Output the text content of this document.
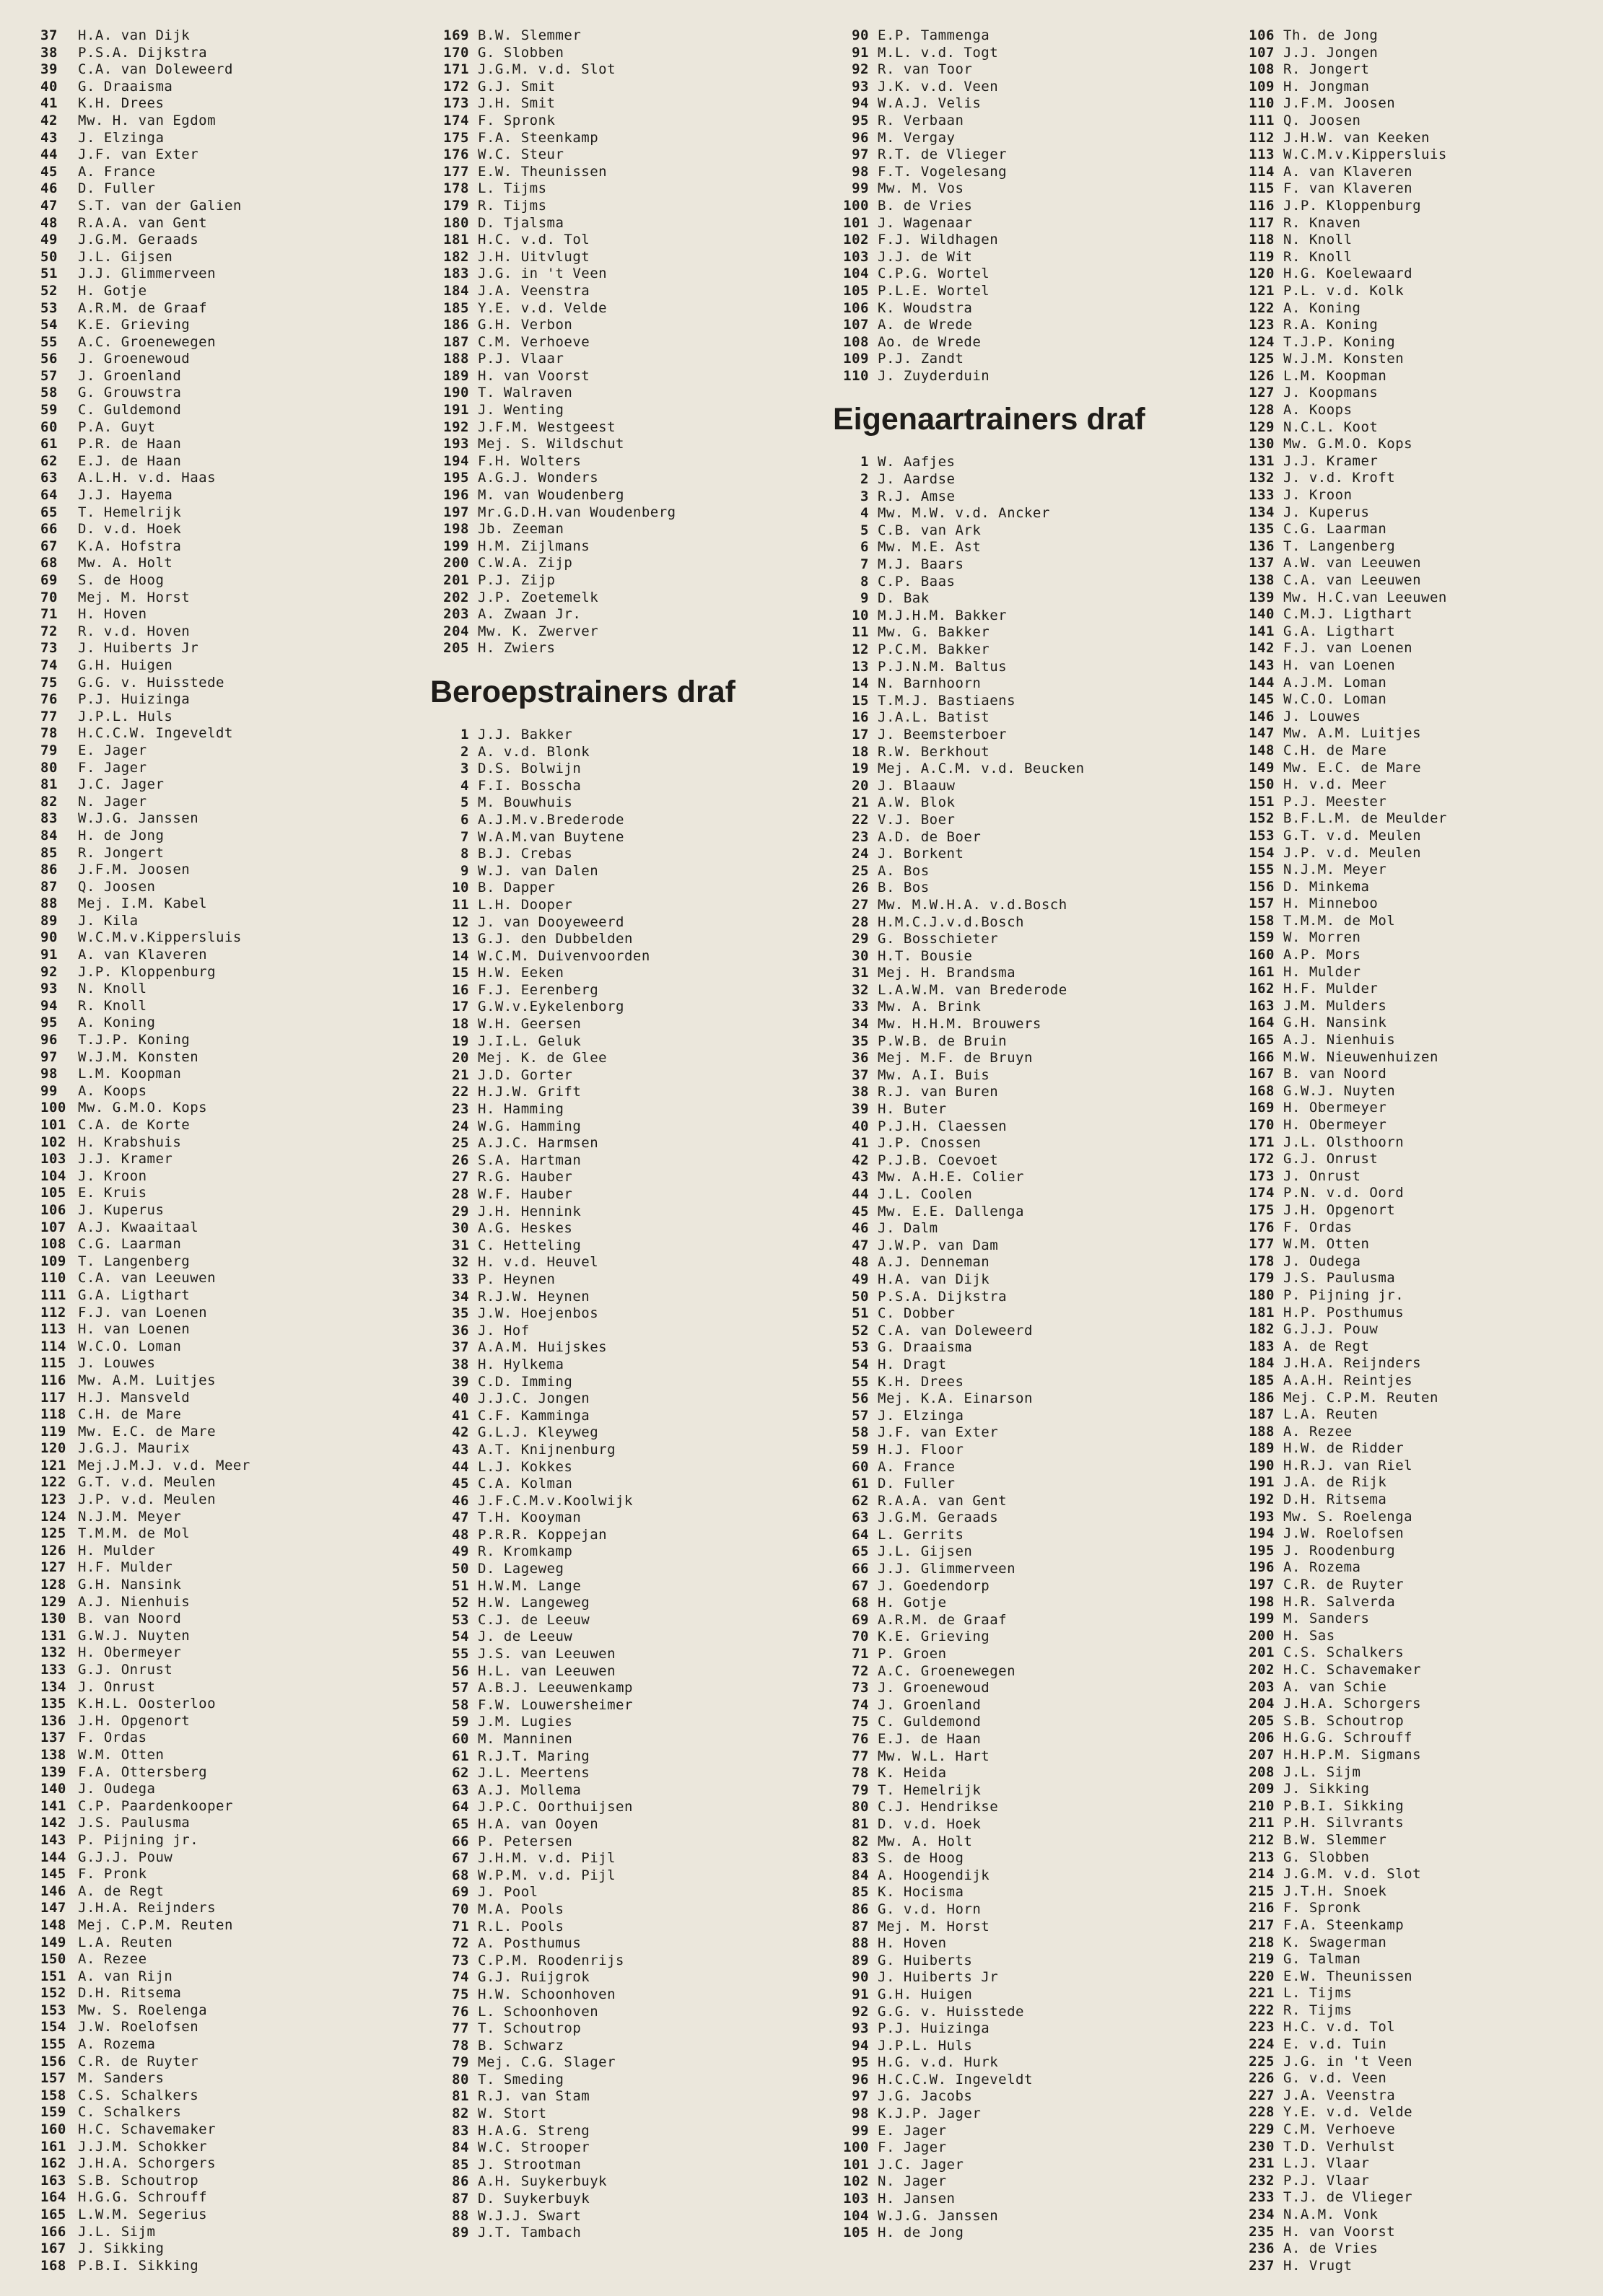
37 H.A. van Dijk
38 P.S.A. Dijkstra
39 C.A. van Doleweerd
40 G. Draaisma
41 K.H. Drees
42 Mw. H. van Egdom
43 J. Elzinga
44 J.F. van Exter
45 A. France
46 D. Fuller
47 S.T. van der Galien
48 R.A.A. van Gent
49 J.G.M. Geraads
50 J.L. Gijsen
51 J.J. Glimmerveen
52 H. Gotje
53 A.R.M. de Graaf
54 K.E. Grieving
55 A.C. Groenewegen
56 J. Groenewoud
57 J. Groenland
58 G. Grouwstra
59 C. Guldemond
60 P.A. Guyt
61 P.R. de Haan
62 E.J. de Haan
63 A.L.H. v.d. Haas
64 J.J. Hayema
65 T. Hemelrijk
66 D. v.d. Hoek
67 K.A. Hofstra
68 Mw. A. Holt
69 S. de Hoog
70 Mej. M. Horst
71 H. Hoven
72 R. v.d. Hoven
73 J. Huiberts Jr
74 G.H. Huigen
75 G.G. v. Huisstede
76 P.J. Huizinga
77 J.P.L. Huls
78 H.C.C.W. Ingeveldt
79 E. Jager
80 F. Jager
81 J.C. Jager
82 N. Jager
83 W.J.G. Janssen
84 H. de Jong
85 R. Jongert
86 J.F.M. Joosen
87 Q. Joosen
88 Mej. I.M. Kabel
89 J. Kila
90 W.C.M.v.Kippersluis
91 A. van Klaveren
92 J.P. Kloppenburg
93 N. Knoll
94 R. Knoll
95 A. Koning
96 T.J.P. Koning
97 W.J.M. Konsten
98 L.M. Koopman
99 A. Koops
100 Mw. G.M.O. Kops
101 C.A. de Korte
102 H. Krabshuis
103 J.J. Kramer
104 J. Kroon
105 E. Kruis
106 J. Kuperus
107 A.J. Kwaaitaal
108 C.G. Laarman
109 T. Langenberg
110 C.A. van Leeuwen
111 G.A. Ligthart
112 F.J. van Loenen
113 H. van Loenen
114 W.C.O. Loman
115 J. Louwes
116 Mw. A.M. Luitjes
117 H.J. Mansveld
118 C.H. de Mare
119 Mw. E.C. de Mare
120 J.G.J. Maurix
121 Mej.J.M.J. v.d. Meer
122 G.T. v.d. Meulen
123 J.P. v.d. Meulen
124 N.J.M. Meyer
125 T.M.M. de Mol
126 H. Mulder
127 H.F. Mulder
128 G.H. Nansink
129 A.J. Nienhuis
130 B. van Noord
131 G.W.J. Nuyten
132 H. Obermeyer
133 G.J. Onrust
134 J. Onrust
135 K.H.L. Oosterloo
136 J.H. Opgenort
137 F. Ordas
138 W.M. Otten
139 F.A. Ottersberg
140 J. Oudega
141 C.P. Paardenkooper
142 J.S. Paulusma
143 P. Pijning jr.
144 G.J.J. Pouw
145 F. Pronk
146 A. de Regt
147 J.H.A. Reijnders
148 Mej. C.P.M. Reuten
149 L.A. Reuten
150 A. Rezee
151 A. van Rijn
152 D.H. Ritsema
153 Mw. S. Roelenga
154 J.W. Roelofsen
155 A. Rozema
156 C.R. de Ruyter
157 M. Sanders
158 C.S. Schalkers
159 C. Schalkers
160 H.C. Schavemaker
161 J.J.M. Schokker
162 J.H.A. Schorgers
163 S.B. Schoutrop
164 H.G.G. Schrouff
165 L.W.M. Segerius
166 J.L. Sijm
167 J. Sikking
168 P.B.I. Sikking
169 B.W. Slemmer
170 G. Slobben
171 J.G.M. v.d. Slot
172 G.J. Smit
173 J.H. Smit
174 F. Spronk
175 F.A. Steenkamp
176 W.C. Steur
177 E.W. Theunissen
178 L. Tijms
179 R. Tijms
180 D. Tjalsma
181 H.C. v.d. Tol
182 J.H. Uitvlugt
183 J.G. in 't Veen
184 J.A. Veenstra
185 Y.E. v.d. Velde
186 G.H. Verbon
187 C.M. Verhoeve
188 P.J. Vlaar
189 H. van Voorst
190 T. Walraven
191 J. Wenting
192 J.F.M. Westgeest
193 Mej. S. Wildschut
194 F.H. Wolters
195 A.G.J. Wonders
196 M. van Woudenberg
197 Mr.G.D.H.van Woudenberg
198 Jb. Zeeman
199 H.M. Zijlmans
200 C.W.A. Zijp
201 P.J. Zijp
202 J.P. Zoetemelk
203 A. Zwaan Jr.
204 Mw. K. Zwerver
205 H. Zwiers
Beroepstrainers draf
1 J.J. Bakker
2 A. v.d. Blonk
3 D.S. Bolwijn
4 F.I. Bosscha
5 M. Bouwhuis
6 A.J.M.v.Brederode
7 W.A.M.van Buytene
8 B.J. Crebas
9 W.J. van Dalen
10 B. Dapper
11 L.H. Dooper
12 J. van Dooyeweerd
13 G.J. den Dubbelden
14 W.C.M. Duivenvoorden
15 H.W. Eeken
16 F.J. Eerenberg
17 G.W.v.Eykelenborg
18 W.H. Geersen
19 J.I.L. Geluk
20 Mej. K. de Glee
21 J.D. Gorter
22 H.J.W. Grift
23 H. Hamming
24 W.G. Hamming
25 A.J.C. Harmsen
26 S.A. Hartman
27 R.G. Hauber
28 W.F. Hauber
29 J.H. Hennink
30 A.G. Heskes
31 C. Hetteling
32 H. v.d. Heuvel
33 P. Heynen
34 R.J.W. Heynen
35 J.W. Hoejenbos
36 J. Hof
37 A.A.M. Huijskes
38 H. Hylkema
39 C.D. Imming
40 J.J.C. Jongen
41 C.F. Kamminga
42 G.L.J. Kleyweg
43 A.T. Knijnenburg
44 L.J. Kokkes
45 C.A. Kolman
46 J.F.C.M.v.Koolwijk
47 T.H. Kooyman
48 P.R.R. Koppejan
49 R. Kromkamp
50 D. Lageweg
51 H.W.M. Lange
52 H.W. Langeweg
53 C.J. de Leeuw
54 J. de Leeuw
55 J.S. van Leeuwen
56 H.L. van Leeuwen
57 A.B.J. Leeuwenkamp
58 F.W. Louwersheimer
59 J.M. Lugies
60 M. Manninen
61 R.J.T. Maring
62 J.L. Meertens
63 A.J. Mollema
64 J.P.C. Oorthuijsen
65 H.A. van Ooyen
66 P. Petersen
67 J.H.M. v.d. Pijl
68 W.P.M. v.d. Pijl
69 J. Pool
70 M.A. Pools
71 R.L. Pools
72 A. Posthumus
73 C.P.M. Roodenrijs
74 G.J. Ruijgrok
75 H.W. Schoonhoven
76 L. Schoonhoven
77 T. Schoutrop
78 B. Schwarz
79 Mej. C.G. Slager
80 T. Smeding
81 R.J. van Stam
82 W. Stort
83 H.A.G. Streng
84 W.C. Strooper
85 J. Strootman
86 A.H. Suykerbuyk
87 D. Suykerbuyk
88 W.J.J. Swart
89 J.T. Tambach
90 E.P. Tammenga
91 M.L. v.d. Togt
92 R. van Toor
93 J.K. v.d. Veen
94 W.A.J. Velis
95 R. Verbaan
96 M. Vergay
97 R.T. de Vlieger
98 F.T. Vogelesang
99 Mw. M. Vos
100 B. de Vries
101 J. Wagenaar
102 F.J. Wildhagen
103 J.J. de Wit
104 C.P.G. Wortel
105 P.L.E. Wortel
106 K. Woudstra
107 A. de Wrede
108 Ao. de Wrede
109 P.J. Zandt
110 J. Zuyderduin
Eigenaartrainers draf
1 W. Aafjes
2 J. Aardse
3 R.J. Amse
4 Mw. M.W. v.d. Ancker
5 C.B. van Ark
6 Mw. M.E. Ast
7 M.J. Baars
8 C.P. Baas
9 D. Bak
10 M.J.H.M. Bakker
11 Mw. G. Bakker
12 P.C.M. Bakker
13 P.J.N.M. Baltus
14 N. Barnhoorn
15 T.M.J. Bastiaens
16 J.A.L. Batist
17 J. Beemsterboer
18 R.W. Berkhout
19 Mej. A.C.M. v.d. Beucken
20 J. Blaauw
21 A.W. Blok
22 V.J. Boer
23 A.D. de Boer
24 J. Borkent
25 A. Bos
26 B. Bos
27 Mw. M.W.H.A. v.d.Bosch
28 H.M.C.J.v.d.Bosch
29 G. Bosschieter
30 H.T. Bousie
31 Mej. H. Brandsma
32 L.A.W.M. van Brederode
33 Mw. A. Brink
34 Mw. H.H.M. Brouwers
35 P.W.B. de Bruin
36 Mej. M.F. de Bruyn
37 Mw. A.I. Buis
38 R.J. van Buren
39 H. Buter
40 P.J.H. Claessen
41 J.P. Cnossen
42 P.J.B. Coevoet
43 Mw. A.H.E. Colier
44 J.L. Coolen
45 Mw. E.E. Dallenga
46 J. Dalm
47 J.W.P. van Dam
48 A.J. Denneman
49 H.A. van Dijk
50 P.S.A. Dijkstra
51 C. Dobber
52 C.A. van Doleweerd
53 G. Draaisma
54 H. Dragt
55 K.H. Drees
56 Mej. K.A. Einarson
57 J. Elzinga
58 J.F. van Exter
59 H.J. Floor
60 A. France
61 D. Fuller
62 R.A.A. van Gent
63 J.G.M. Geraads
64 L. Gerrits
65 J.L. Gijsen
66 J.J. Glimmerveen
67 J. Goedendorp
68 H. Gotje
69 A.R.M. de Graaf
70 K.E. Grieving
71 P. Groen
72 A.C. Groenewegen
73 J. Groenewoud
74 J. Groenland
75 C. Guldemond
76 E.J. de Haan
77 Mw. W.L. Hart
78 K. Heida
79 T. Hemelrijk
80 C.J. Hendrikse
81 D. v.d. Hoek
82 Mw. A. Holt
83 S. de Hoog
84 A. Hoogendijk
85 K. Hocisma
86 G. v.d. Horn
87 Mej. M. Horst
88 H. Hoven
89 G. Huiberts
90 J. Huiberts Jr
91 G.H. Huigen
92 G.G. v. Huisstede
93 P.J. Huizinga
94 J.P.L. Huls
95 H.G. v.d. Hurk
96 H.C.C.W. Ingeveldt
97 J.G. Jacobs
98 K.J.P. Jager
99 E. Jager
100 F. Jager
101 J.C. Jager
102 N. Jager
103 H. Jansen
104 W.J.G. Janssen
105 H. de Jong
106 Th. de Jong
107 J.J. Jongen
108 R. Jongert
109 H. Jongman
110 J.F.M. Joosen
111 Q. Joosen
112 J.H.W. van Keeken
113 W.C.M.v.Kippersluis
114 A. van Klaveren
115 F. van Klaveren
116 J.P. Kloppenburg
117 R. Knaven
118 N. Knoll
119 R. Knoll
120 H.G. Koelewaard
121 P.L. v.d. Kolk
122 A. Koning
123 R.A. Koning
124 T.J.P. Koning
125 W.J.M. Konsten
126 L.M. Koopman
127 J. Koopmans
128 A. Koops
129 N.C.L. Koot
130 Mw. G.M.O. Kops
131 J.J. Kramer
132 J. v.d. Kroft
133 J. Kroon
134 J. Kuperus
135 C.G. Laarman
136 T. Langenberg
137 A.W. van Leeuwen
138 C.A. van Leeuwen
139 Mw. H.C.van Leeuwen
140 C.M.J. Ligthart
141 G.A. Ligthart
142 F.J. van Loenen
143 H. van Loenen
144 A.J.M. Loman
145 W.C.O. Loman
146 J. Louwes
147 Mw. A.M. Luitjes
148 C.H. de Mare
149 Mw. E.C. de Mare
150 H. v.d. Meer
151 P.J. Meester
152 B.F.L.M. de Meulder
153 G.T. v.d. Meulen
154 J.P. v.d. Meulen
155 N.J.M. Meyer
156 D. Minkema
157 H. Minneboo
158 T.M.M. de Mol
159 W. Morren
160 A.P. Mors
161 H. Mulder
162 H.F. Mulder
163 J.M. Mulders
164 G.H. Nansink
165 A.J. Nienhuis
166 M.W. Nieuwenhuizen
167 B. van Noord
168 G.W.J. Nuyten
169 H. Obermeyer
170 H. Obermeyer
171 J.L. Olsthoorn
172 G.J. Onrust
173 J. Onrust
174 P.N. v.d. Oord
175 J.H. Opgenort
176 F. Ordas
177 W.M. Otten
178 J. Oudega
179 J.S. Paulusma
180 P. Pijning jr.
181 H.P. Posthumus
182 G.J.J. Pouw
183 A. de Regt
184 J.H.A. Reijnders
185 A.A.H. Reintjes
186 Mej. C.P.M. Reuten
187 L.A. Reuten
188 A. Rezee
189 H.W. de Ridder
190 H.R.J. van Riel
191 J.A. de Rijk
192 D.H. Ritsema
193 Mw. S. Roelenga
194 J.W. Roelofsen
195 J. Roodenburg
196 A. Rozema
197 C.R. de Ruyter
198 H.R. Salverda
199 M. Sanders
200 H. Sas
201 C.S. Schalkers
202 H.C. Schavemaker
203 A. van Schie
204 J.H.A. Schorgers
205 S.B. Schoutrop
206 H.G.G. Schrouff
207 H.H.P.M. Sigmans
208 J.L. Sijm
209 J. Sikking
210 P.B.I. Sikking
211 P.H. Silvrants
212 B.W. Slemmer
213 G. Slobben
214 J.G.M. v.d. Slot
215 J.T.H. Snoek
216 F. Spronk
217 F.A. Steenkamp
218 K. Swagerman
219 G. Talman
220 E.W. Theunissen
221 L. Tijms
222 R. Tijms
223 H.C. v.d. Tol
224 E. v.d. Tuin
225 J.G. in 't Veen
226 G. v.d. Veen
227 J.A. Veenstra
228 Y.E. v.d. Velde
229 C.M. Verhoeve
230 T.D. Verhulst
231 L.J. Vlaar
232 P.J. Vlaar
233 T.J. de Vlieger
234 N.A.M. Vonk
235 H. van Voorst
236 A. de Vries
237 H. Vrugt
